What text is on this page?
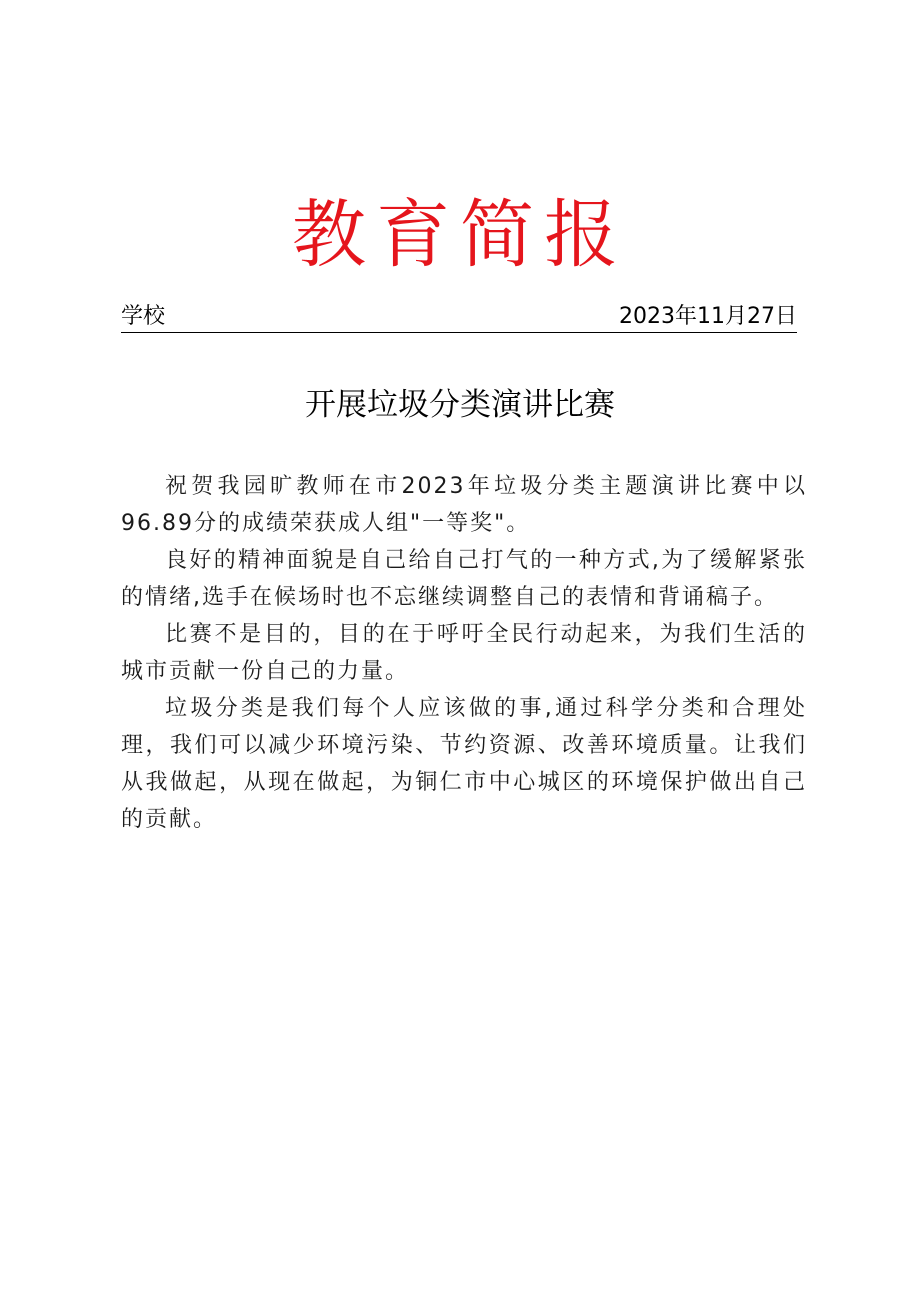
教育简报
学校	2023年11月27日
开展垃圾分类演讲比赛

祝贺我园旷教师在市2023年垃圾分类主题演讲比赛中以96.89分的成绩荣获成人组"一等奖"。

良好的精神面貌是自己给自己打气的一种方式,为了缓解紧张的情绪,选手在候场时也不忘继续调整自己的表情和背诵稿子。

比赛不是目的，目的在于呼吁全民行动起来，为我们生活的城市贡献一份自己的力量。

垃圾分类是我们每个人应该做的事,通过科学分类和合理处理，我们可以减少环境污染、节约资源、改善环境质量。让我们从我做起，从现在做起，为铜仁市中心城区的环境保护做出自己的贡献。
